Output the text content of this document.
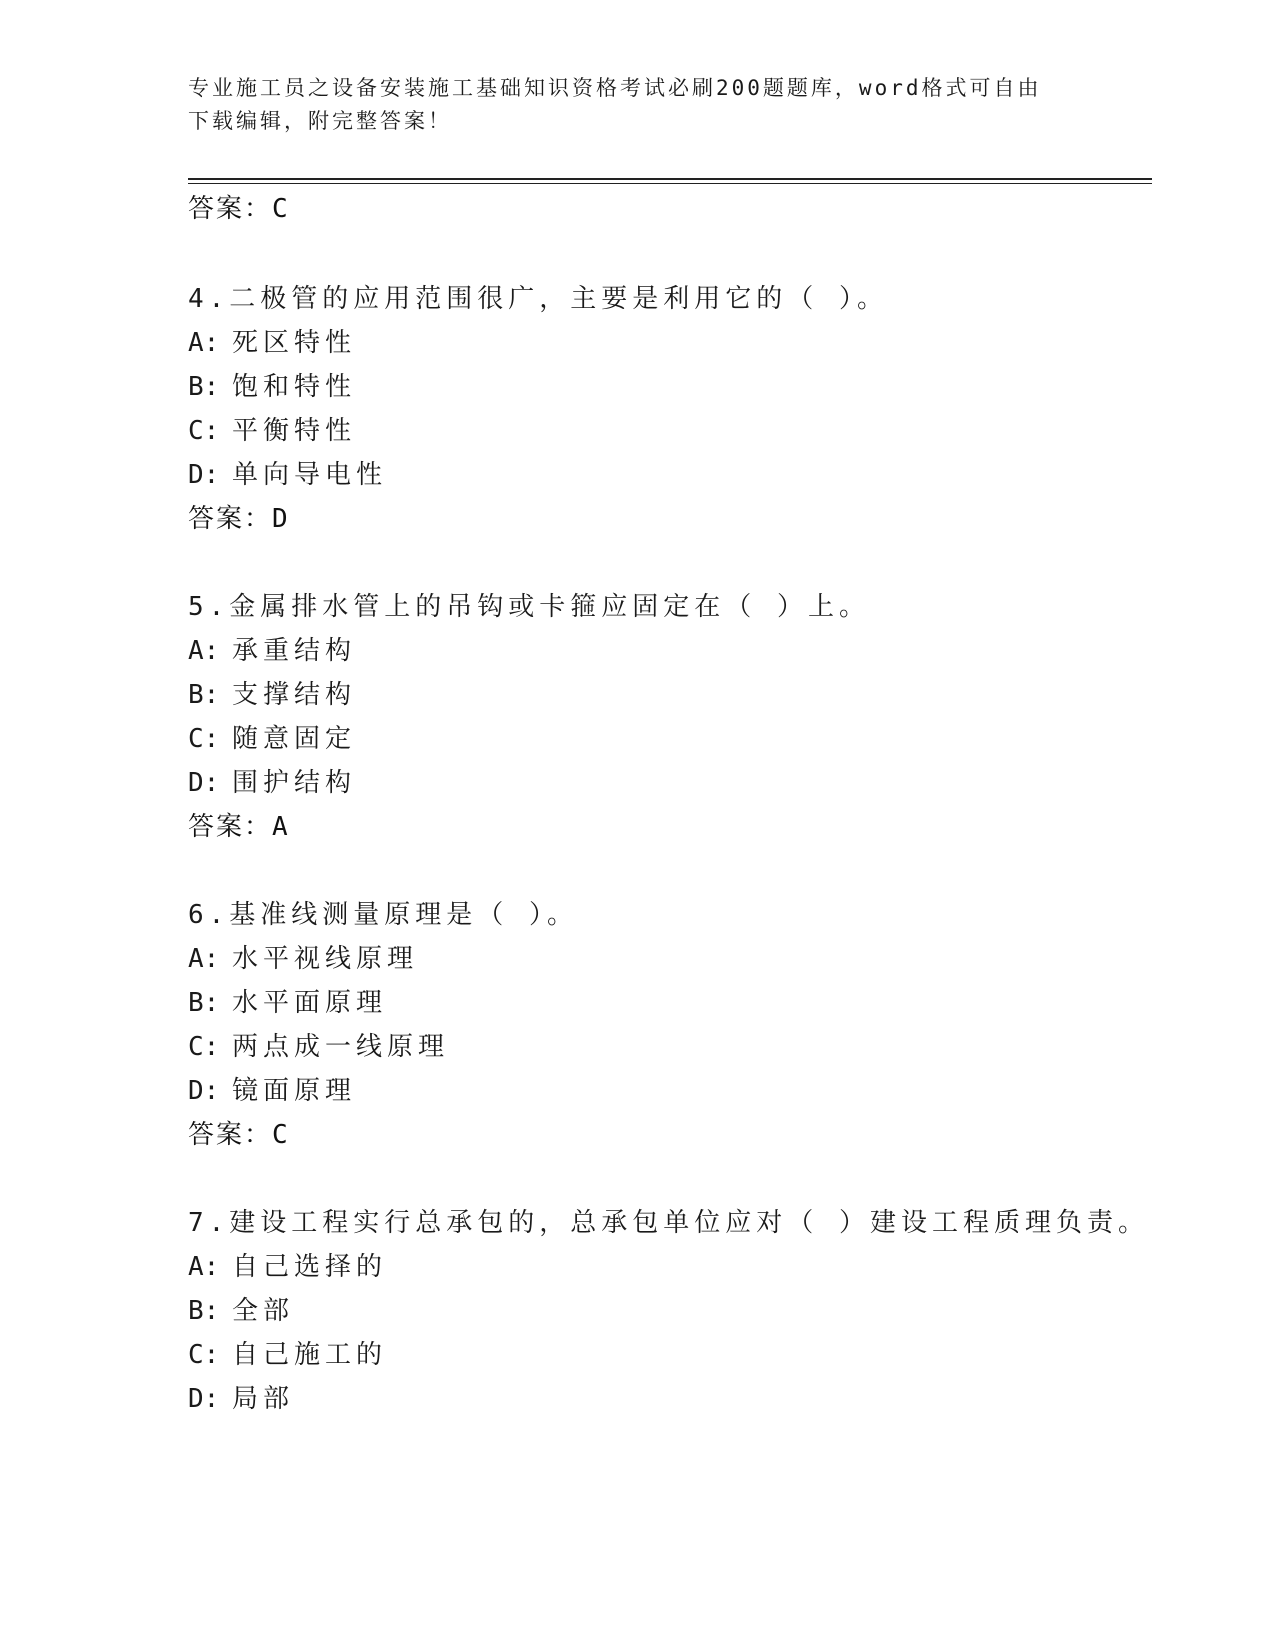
专业施工员之设备安装施工基础知识资格考试必刷200题题库，word格式可自由
下载编辑，附完整答案！
答案：C
4.二极管的应用范围很广，主要是利用它的（ ）。
A: 死区特性
B: 饱和特性
C: 平衡特性
D: 单向导电性
答案：D
5.金属排水管上的吊钩或卡箍应固定在（ ）上。
A: 承重结构
B: 支撑结构
C: 随意固定
D: 围护结构
答案：A
6.基准线测量原理是（ ）。
A: 水平视线原理
B: 水平面原理
C: 两点成一线原理
D: 镜面原理
答案：C
7.建设工程实行总承包的，总承包单位应对（ ）建设工程质理负责。
A: 自己选择的
B: 全部
C: 自己施工的
D: 局部
